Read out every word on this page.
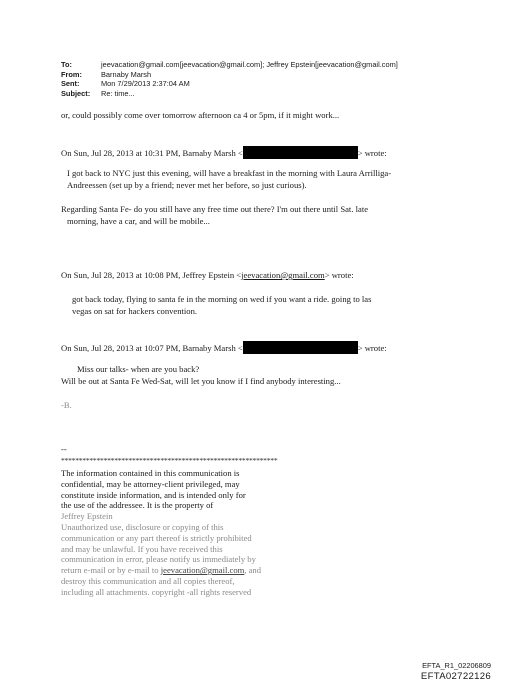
To:	jeevacation@gmail.com[jeevacation@gmail.com]; Jeffrey Epstein[jeevacation@gmail.com]
From:	Barnaby Marsh
Sent:	Mon 7/29/2013 2:37:04 AM
Subject:	Re: time...
or, could possibly come over tomorrow afternoon ca 4 or 5pm, if it might work...
On Sun, Jul 28, 2013 at 10:31 PM, Barnaby Marsh <	> wrote:
I got back to NYC just this evening, will have a breakfast in the morning with Laura Arrilliga-
Andreessen (set up by a friend; never met her before, so just curious).
Regarding Santa Fe- do you still have any free time out there? I'm out there until Sat. late
morning, have a car, and will be mobile...
On Sun, Jul 28, 2013 at 10:08 PM, Jeffrey Epstein <jeevacation@gmail.com> wrote:
got back today, flying to santa fe in the morning on wed if you want a ride. going to las
vegas on sat for hackers convention.
On Sun, Jul 28, 2013 at 10:07 PM, Barnaby Marsh <	> wrote:
Miss our talks- when are you back?
Will be out at Santa Fe Wed-Sat, will let you know if I find anybody interesting...
-B.
--
*************************************************************
The information contained in this communication is
confidential, may be attorney-client privileged, may
constitute inside information, and is intended only for
the use of the addressee. It is the property of
Jeffrey Epstein
Unauthorized use, disclosure or copying of this
communication or any part thereof is strictly prohibited
and may be unlawful. If you have received this
communication in error, please notify us immediately by
return e-mail or by e-mail to jeevacation@gmail.com, and
destroy this communication and all copies thereof,
including all attachments. copyright -all rights reserved
EFTA_R1_02206809
EFTA02722126
